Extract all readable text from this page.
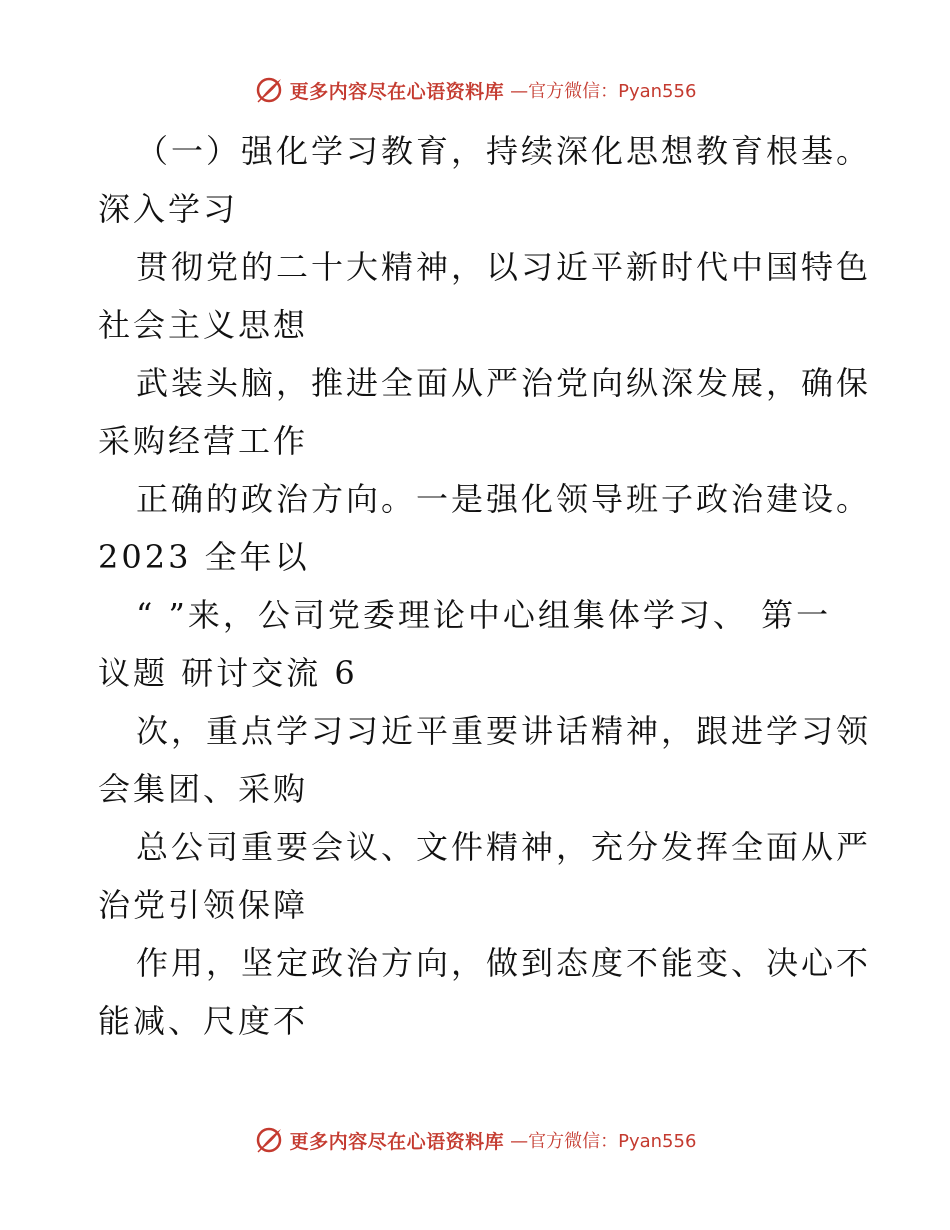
更多内容尽在心语资料库 —官方微信：Pyan556
（一）强化学习教育，持续深化思想教育根基。
深入学习
贯彻党的二十大精神，以习近平新时代中国特色
社会主义思想
武装头脑，推进全面从严治党向纵深发展，确保
采购经营工作
正确的政治方向。一是强化领导班子政治建设。
2023 全年以
“ ”来，公司党委理论中心组集体学习、 第一
议题 研讨交流 6
次，重点学习习近平重要讲话精神，跟进学习领
会集团、采购
总公司重要会议、文件精神，充分发挥全面从严
治党引领保障
作用，坚定政治方向，做到态度不能变、决心不
能减、尺度不
更多内容尽在心语资料库 —官方微信：Pyan556
